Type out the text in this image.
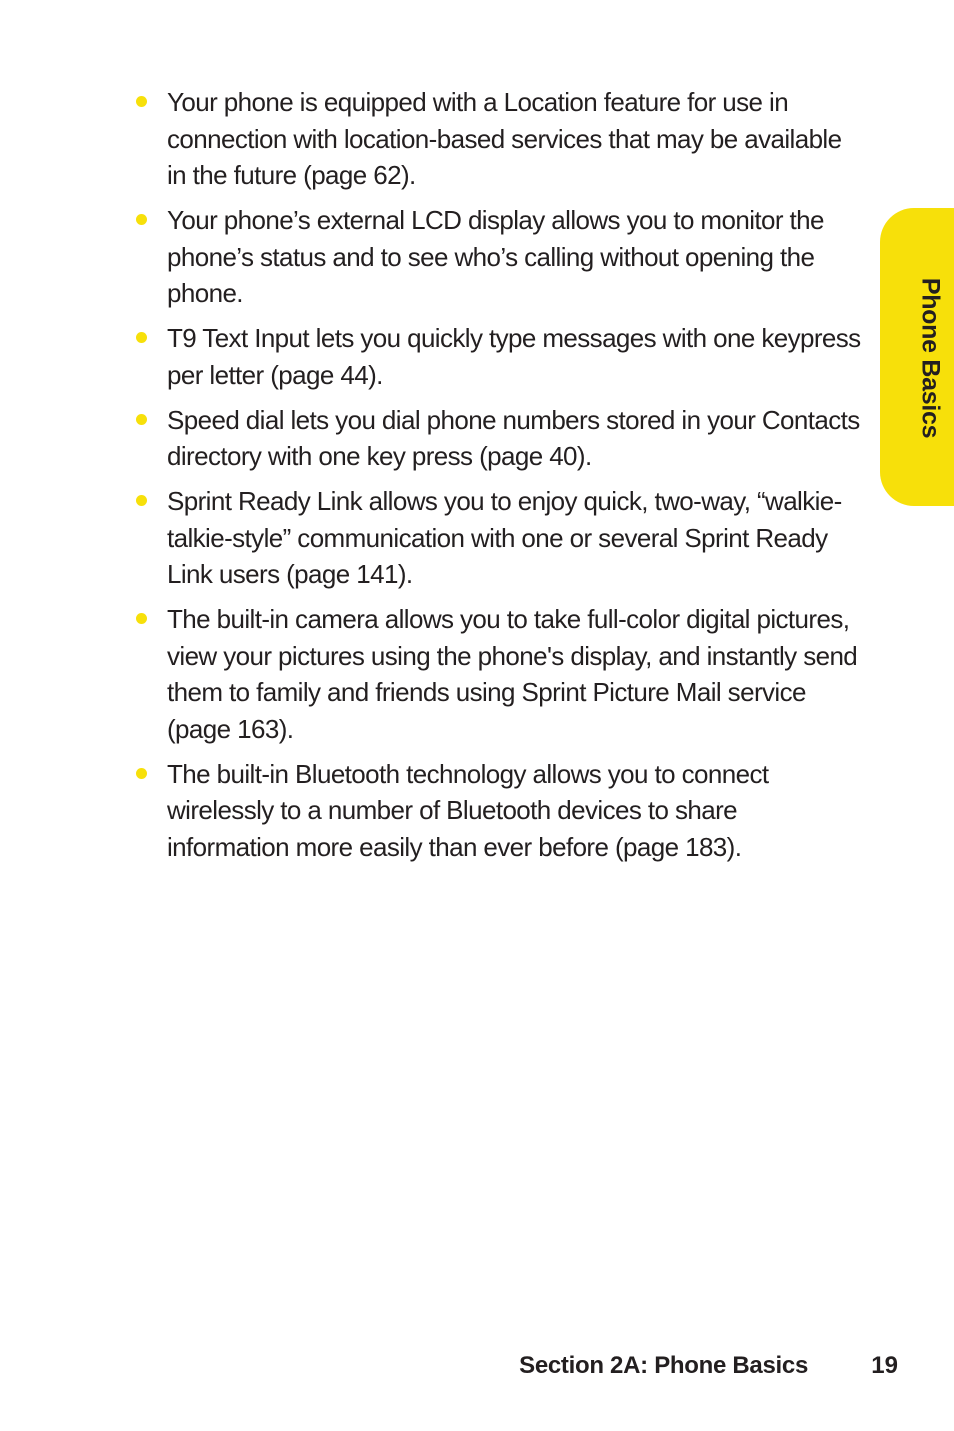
Your phone is equipped with a Location feature for use in connection with location-based services that may be available in the future (page 62).
Your phone’s external LCD display allows you to monitor the phone’s status and to see who’s calling without opening the phone.
T9 Text Input lets you quickly type messages with one keypress per letter (page 44).
Speed dial lets you dial phone numbers stored in your Contacts directory with one key press (page 40).
Sprint Ready Link allows you to enjoy quick, two-way, “walkie-talkie-style” communication with one or several Sprint Ready Link users (page 141).
The built-in camera allows you to take full-color digital pictures, view your pictures using the phone's display, and instantly send them to family and friends using Sprint Picture Mail service (page 163).
The built-in Bluetooth technology allows you to connect wirelessly to a number of Bluetooth devices to share information more easily than ever before (page 183).
Phone Basics
Section 2A: Phone Basics	19
